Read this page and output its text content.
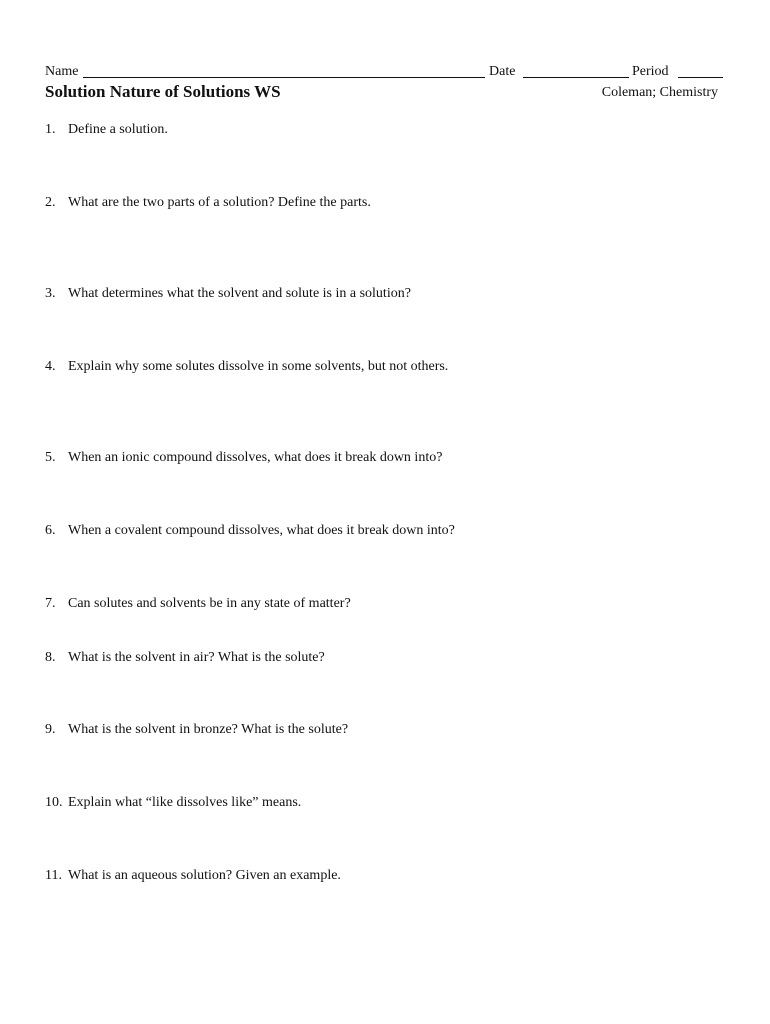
Name	Date	Period
Solution Nature of Solutions WS	Coleman; Chemistry
1. Define a solution.
2. What are the two parts of a solution? Define the parts.
3. What determines what the solvent and solute is in a solution?
4. Explain why some solutes dissolve in some solvents, but not others.
5. When an ionic compound dissolves, what does it break down into?
6. When a covalent compound dissolves, what does it break down into?
7. Can solutes and solvents be in any state of matter?
8. What is the solvent in air? What is the solute?
9. What is the solvent in bronze? What is the solute?
10. Explain what “like dissolves like” means.
11. What is an aqueous solution? Given an example.
